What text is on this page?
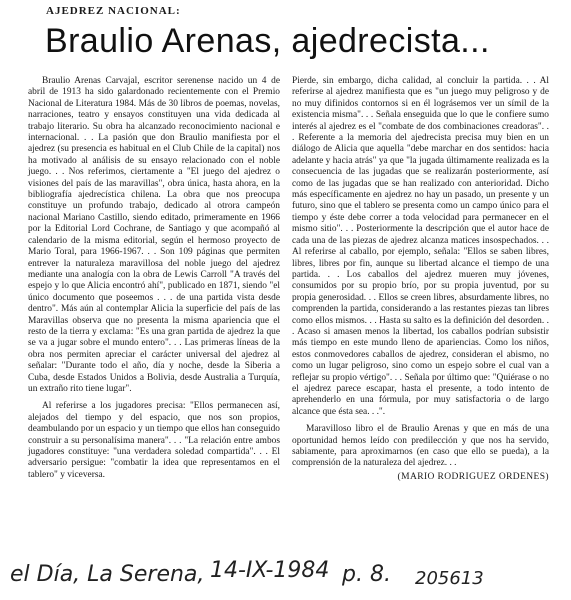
AJEDREZ NACIONAL:
Braulio Arenas, ajedrecista...

Braulio Arenas Carvajal, escritor serenense nacido un 4 de abril de 1913 ha sido galardonado recientemente con el Premio Nacional de Literatura 1984. Más de 30 libros de poemas, novelas, narraciones, teatro y ensayos constituyen una vida dedicada al trabajo literario. Su obra ha alcanzado reconocimiento nacional e internacional. . . La pasión que don Braulio manifiesta por el ajedrez (su presencia es habitual en el Club Chile de la capital) nos ha motivado al análisis de su ensayo relacionado con el noble juego. . . Nos referimos, ciertamente a "El juego del ajedrez o visiones del país de las maravillas", obra única, hasta ahora, en la bibliografía ajedrecística chilena. La obra que nos preocupa constituye un profundo trabajo, dedicado al otrora campeón nacional Mariano Castillo, siendo editado, primeramente en 1966 por la Editorial Lord Cochrane, de Santiago y que acompañó al calendario de la misma editorial, según el hermoso proyecto de Mario Toral, para 1966-1967. . . Son 109 páginas que permiten entrever la naturaleza maravillosa del noble juego del ajedrez mediante una analogía con la obra de Lewis Carroll "A través del espejo y lo que Alicia encontró ahí", publicado en 1871, siendo "el único documento que poseemos . . . de una partida vista desde dentro". Más aún al contemplar Alicia la superficie del país de las Maravillas observa que no presenta la misma apariencia que el resto de la tierra y exclama: "Es una gran partida de ajedrez la que se va a jugar sobre el mundo entero". . . Las primeras líneas de la obra nos permiten apreciar el carácter universal del ajedrez al señalar: "Durante todo el año, día y noche, desde la Siberia a Cuba, desde Estados Unidos a Bolivia, desde Australia a Turquía, un extraño rito tiene lugar".

Al referirse a los jugadores precisa: "Ellos permanecen así, alejados del tiempo y del espacio, que nos son propios, deambulando por un espacio y un tiempo que ellos han conseguido construir a su personalísima manera". . . "La relación entre ambos jugadores constituye: "una verdadera soledad compartida". . . El adversario persigue: "combatir la idea que representamos en el tablero" y viceversa.

Pierde, sin embargo, dicha calidad, al concluir la partida. . . Al referirse al ajedrez manifiesta que es "un juego muy peligroso y de no muy difinidos contornos si en él lográsemos ver un símil de la existencia misma". . . Señala enseguida que lo que le confiere sumo interés al ajedrez es el "combate de dos combinaciones creadoras". . . Referente a la memoria del ajedrecista precisa muy bien en un diálogo de Alicia que aquella "debe marchar en dos sentidos: hacia adelante y hacia atrás" ya que "la jugada últimamente realizada es la consecuencia de las jugadas que se realizarán posteriormente, así como de las jugadas que se han realizado con anterioridad. Dicho más específicamente en ajedrez no hay un pasado, un presente y un futuro, sino que el tablero se presenta como un campo único para el tiempo y éste debe correr a toda velocidad para permanecer en el mismo sitio". . . Posteriormente la descripción que el autor hace de cada una de las piezas de ajedrez alcanza matices insospechados. . . Al referirse al caballo, por ejemplo, señala: "Ellos se saben libres, libres, libres por fin, aunque su libertad alcance el tiempo de una partida. . . Los caballos del ajedrez mueren muy jóvenes, consumidos por su propio brío, por su propia juventud, por su propia generosidad. . . Ellos se creen libres, absurdamente libres, no comprenden la partida, considerando a las restantes piezas tan libres como ellos mismos. . . Hasta su salto es la definición del desorden. . . Acaso si amasen menos la libertad, los caballos podrían subsistir más tiempo en este mundo lleno de apariencias. Como los niños, estos conmovedores caballos de ajedrez, consideran el abismo, no como un lugar peligroso, sino como un espejo sobre el cual van a reflejar su propio vértigo". . . Señala por último que: "Quiérase o no el ajedrez parece escapar, hasta el presente, a todo intento de aprehenderlo en una fórmula, por muy satisfactoria o de largo alcance que ésta sea. . .".

Maravilloso libro el de Braulio Arenas y que en más de una oportunidad hemos leído con predilección y que nos ha servido, sabiamente, para aproximarnos (en caso que ello se pueda), a la comprensión de la naturaleza del ajedrez. . .

(MARIO RODRIGUEZ ORDENES)
el Día, La Serena, 14-IX-1984 p. 8. 205613
